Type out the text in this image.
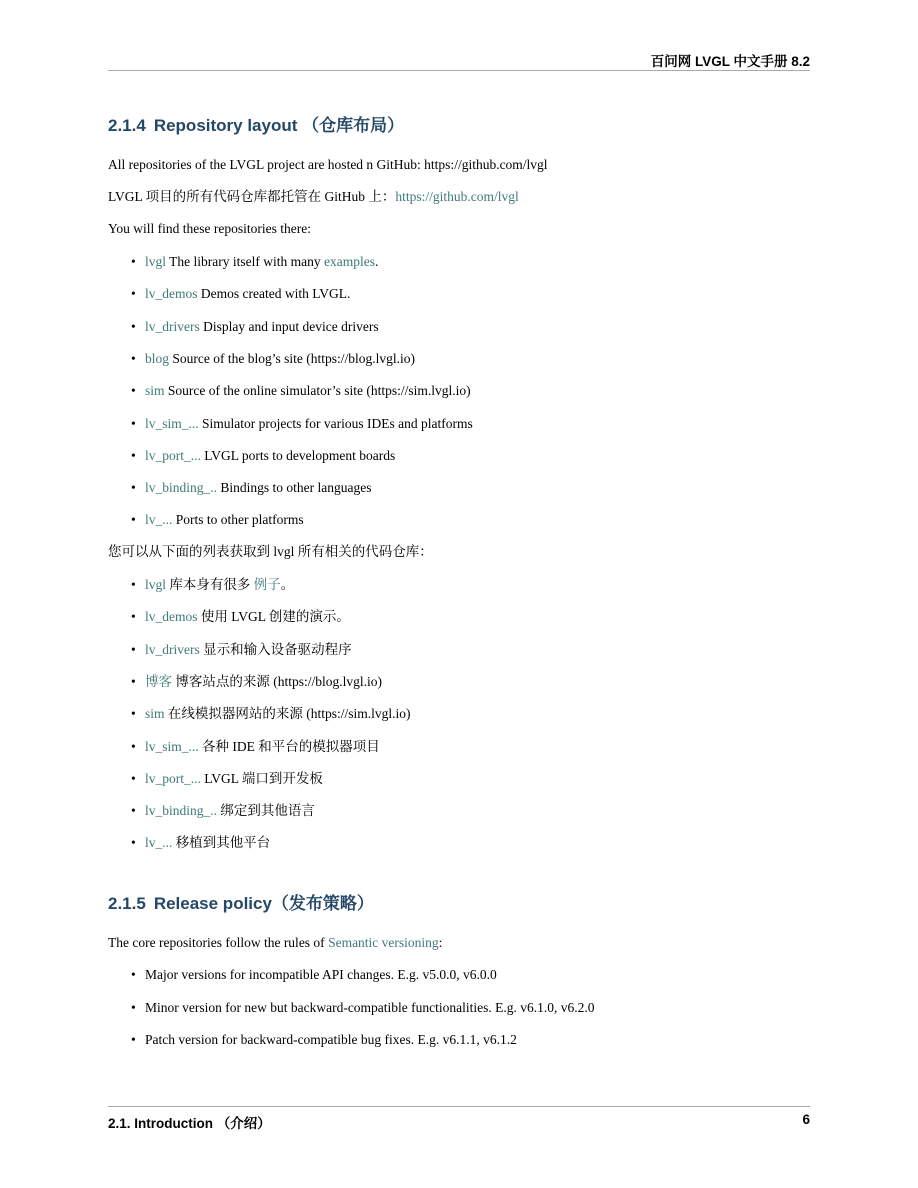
百问网 LVGL 中文手册 8.2
2.1.4 Repository layout （仓库布局）

All repositories of the LVGL project are hosted n GitHub: https://github.com/lvgl

LVGL 项目的所有代码仓库都托管在 GitHub 上：https://github.com/lvgl

You will find these repositories there:

• lvgl The library itself with many examples.

• lv_demos Demos created with LVGL.

• lv_drivers Display and input device drivers

• blog Source of the blog’s site (https://blog.lvgl.io)

• sim Source of the online simulator’s site (https://sim.lvgl.io)

• lv_sim_... Simulator projects for various IDEs and platforms

• lv_port_... LVGL ports to development boards

• lv_binding_.. Bindings to other languages

• lv_... Ports to other platforms

您可以从下面的列表获取到 lvgl 所有相关的代码仓库：

• lvgl 库本身有很多 例子。

• lv_demos 使用 LVGL 创建的演示。

• lv_drivers 显示和输入设备驱动程序

• 博客 博客站点的来源 (https://blog.lvgl.io)

• sim 在线模拟器网站的来源 (https://sim.lvgl.io)

• lv_sim_... 各种 IDE 和平台的模拟器项目

• lv_port_... LVGL 端口到开发板

• lv_binding_.. 绑定到其他语言

• lv_... 移植到其他平台

2.1.5 Release policy（发布策略）

The core repositories follow the rules of Semantic versioning:

• Major versions for incompatible API changes. E.g. v5.0.0, v6.0.0

• Minor version for new but backward-compatible functionalities. E.g. v6.1.0, v6.2.0

• Patch version for backward-compatible bug fixes. E.g. v6.1.1, v6.1.2

2.1. Introduction （介绍）	6
